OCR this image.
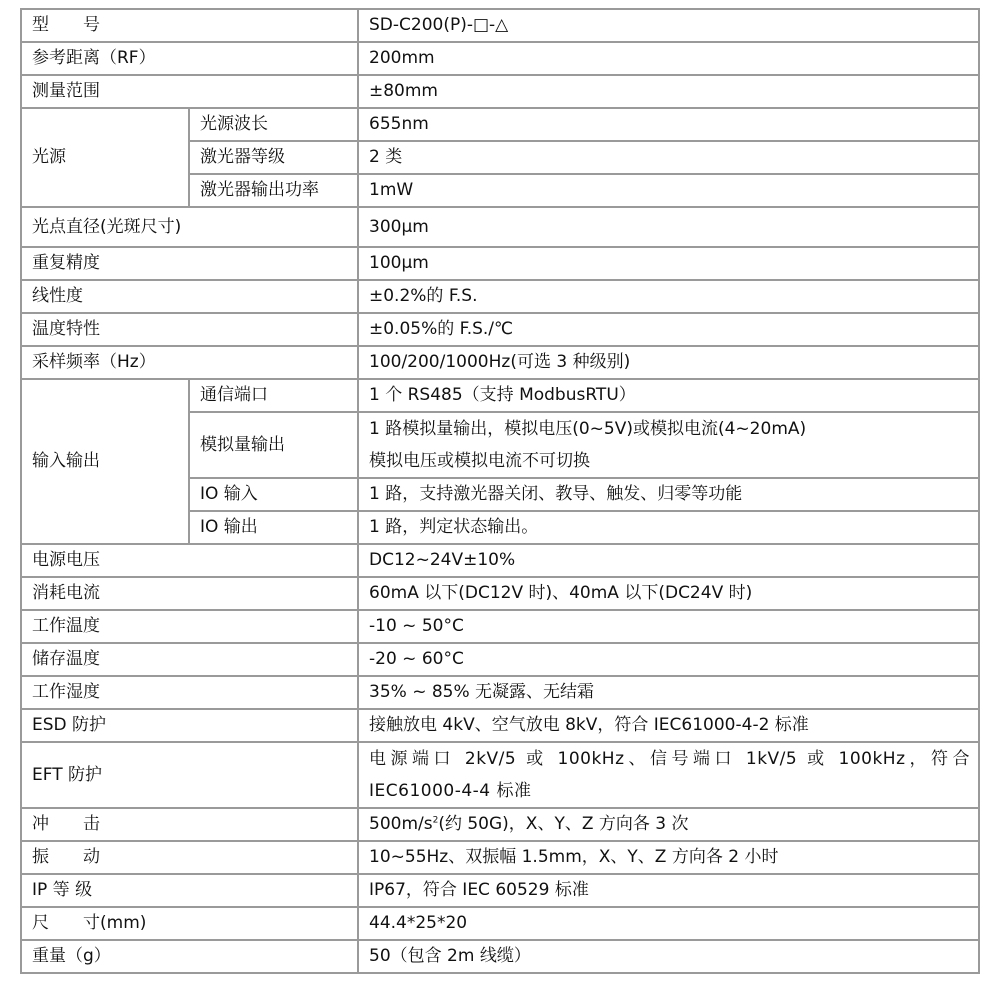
型　　号		SD-C200(P)-□-△
参考距离（RF）		200mm
测量范围		±80mm
光源	光源波长	655nm
	激光器等级	2 类
	激光器输出功率	1mW
光点直径(光斑尺寸)		300μm
重复精度		100μm
线性度		±0.2%的 F.S.
温度特性		±0.05%的 F.S./℃
采样频率（Hz）		100/200/1000Hz(可选 3 种级别)
输入输出	通信端口	1 个 RS485（支持 ModbusRTU）
	模拟量输出	1 路模拟量输出，模拟电压(0~5V)或模拟电流(4~20mA)
模拟电压或模拟电流不可切换
	IO 输入	1 路，支持激光器关闭、教导、触发、归零等功能
	IO 输出	1 路，判定状态输出。
电源电压		DC12~24V±10%
消耗电流		60mA 以下(DC12V 时)、40mA 以下(DC24V 时)
工作温度		-10 ~ 50°C
储存温度		-20 ~ 60°C
工作湿度		35% ~ 85% 无凝露、无结霜
ESD 防护		接触放电 4kV、空气放电 8kV，符合 IEC61000-4-2 标准
EFT 防护		电源端口 2kV/5 或 100kHz、信号端口 1kV/5 或 100kHz，符合 IEC61000-4-4 标准
冲　　击		$500m/s^2$(约 50G)，X、Y、Z 方向各 3 次
振　　动		10~55Hz、双振幅 1.5mm，X、Y、Z 方向各 2 小时
IP 等 级		IP67，符合 IEC 60529 标准
尺　　寸(mm)		44.4*25*20
重量（g）		50（包含 2m 线缆）
